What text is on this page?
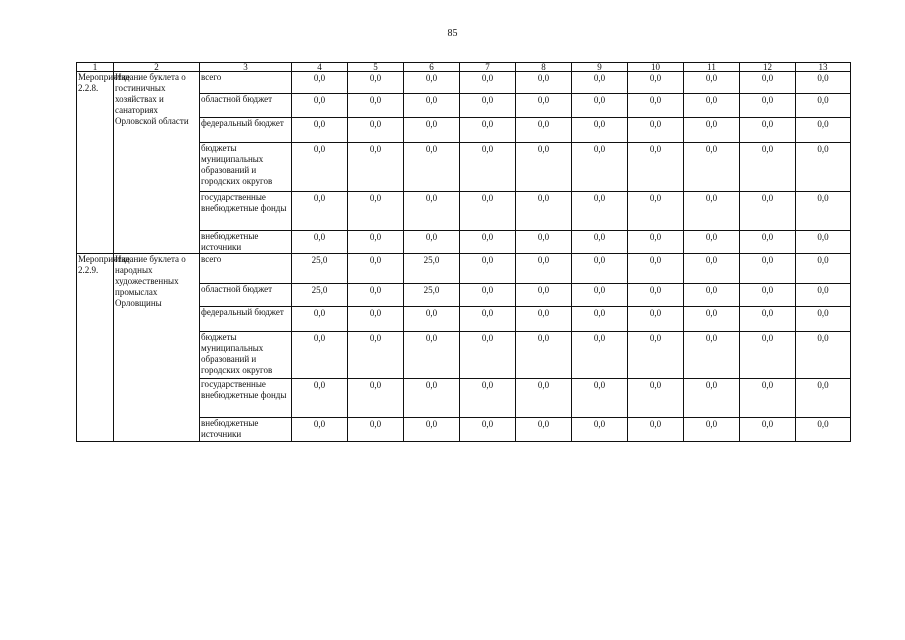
85
1	2	3	4	5	6	7	8	9	10	11	12	13
Мероприятие 2.2.8.	Издание буклета о гостиничных хозяйствах и санаториях Орловской области	всего	0,0	0,0	0,0	0,0	0,0	0,0	0,0	0,0	0,0	0,0
		областной бюджет	0,0	0,0	0,0	0,0	0,0	0,0	0,0	0,0	0,0	0,0
		федеральный бюджет	0,0	0,0	0,0	0,0	0,0	0,0	0,0	0,0	0,0	0,0
		бюджеты муниципальных образований и городских округов	0,0	0,0	0,0	0,0	0,0	0,0	0,0	0,0	0,0	0,0
		государственные внебюджетные фонды	0,0	0,0	0,0	0,0	0,0	0,0	0,0	0,0	0,0	0,0
		внебюджетные источники	0,0	0,0	0,0	0,0	0,0	0,0	0,0	0,0	0,0	0,0
Мероприятие 2.2.9.	Издание буклета о народных художественных промыслах Орловщины	всего	25,0	0,0	25,0	0,0	0,0	0,0	0,0	0,0	0,0	0,0
		областной бюджет	25,0	0,0	25,0	0,0	0,0	0,0	0,0	0,0	0,0	0,0
		федеральный бюджет	0,0	0,0	0,0	0,0	0,0	0,0	0,0	0,0	0,0	0,0
		бюджеты муниципальных образований и городских округов	0,0	0,0	0,0	0,0	0,0	0,0	0,0	0,0	0,0	0,0
		государственные внебюджетные фонды	0,0	0,0	0,0	0,0	0,0	0,0	0,0	0,0	0,0	0,0
		внебюджетные источники	0,0	0,0	0,0	0,0	0,0	0,0	0,0	0,0	0,0	0,0
